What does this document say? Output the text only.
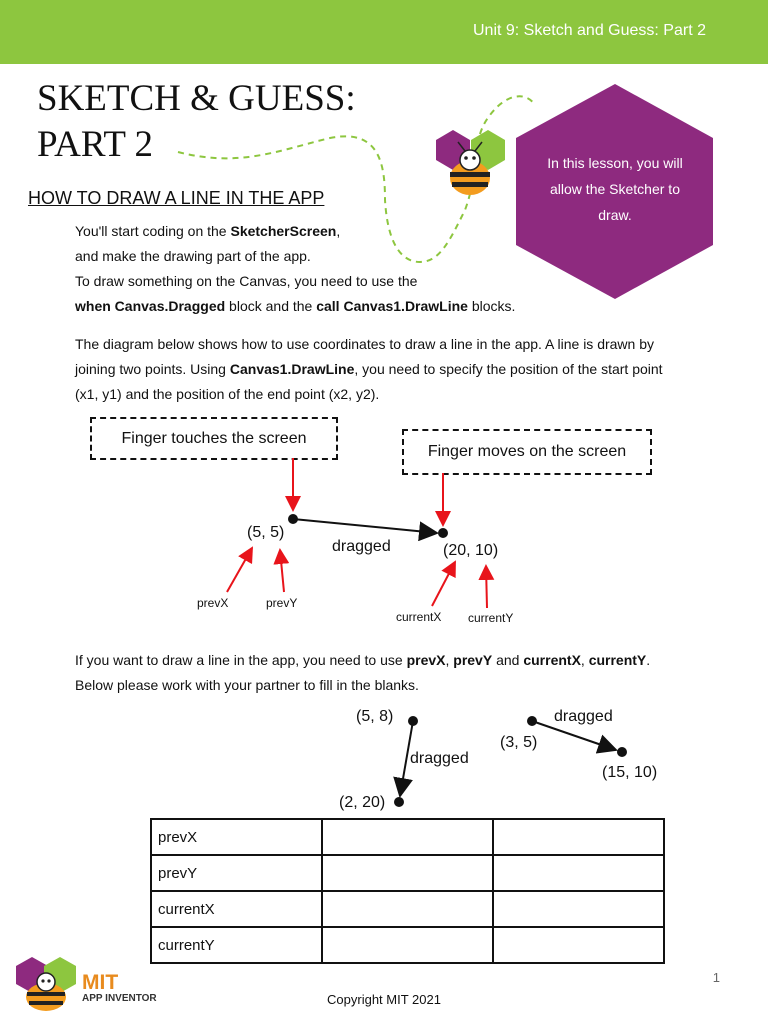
Unit 9: Sketch and Guess: Part 2
SKETCH & GUESS:
PART 2	In this lesson, you will
allow the Sketcher to
draw.
HOW TO DRAW A LINE IN THE APP
You'll start coding on the SketcherScreen,
and make the drawing part of the app.
To draw something on the Canvas, you need to use the
when Canvas.Dragged block and the call Canvas1.DrawLine blocks.
The diagram below shows how to use coordinates to draw a line in the app. A line is drawn by
joining two points. Using Canvas1.DrawLine, you need to specify the position of the start point
(x1, y1) and the position of the end point (x2, y2).
Finger touches the screen
Finger moves on the screen
(5, 5)
dragged	(20, 10)
prevX	prevY
currentX currentY
If you want to draw a line in the app, you need to use prevX, prevY and currentX, currentY.
Below please work with your partner to fill in the blanks.
(5, 8)
dragged
(2, 20)
dragged
(3, 5)
(15, 10)
prevX		
prevY		
currentX		
currentY		
MIT
APP INVENTOR
1
Copyright MIT 2021
